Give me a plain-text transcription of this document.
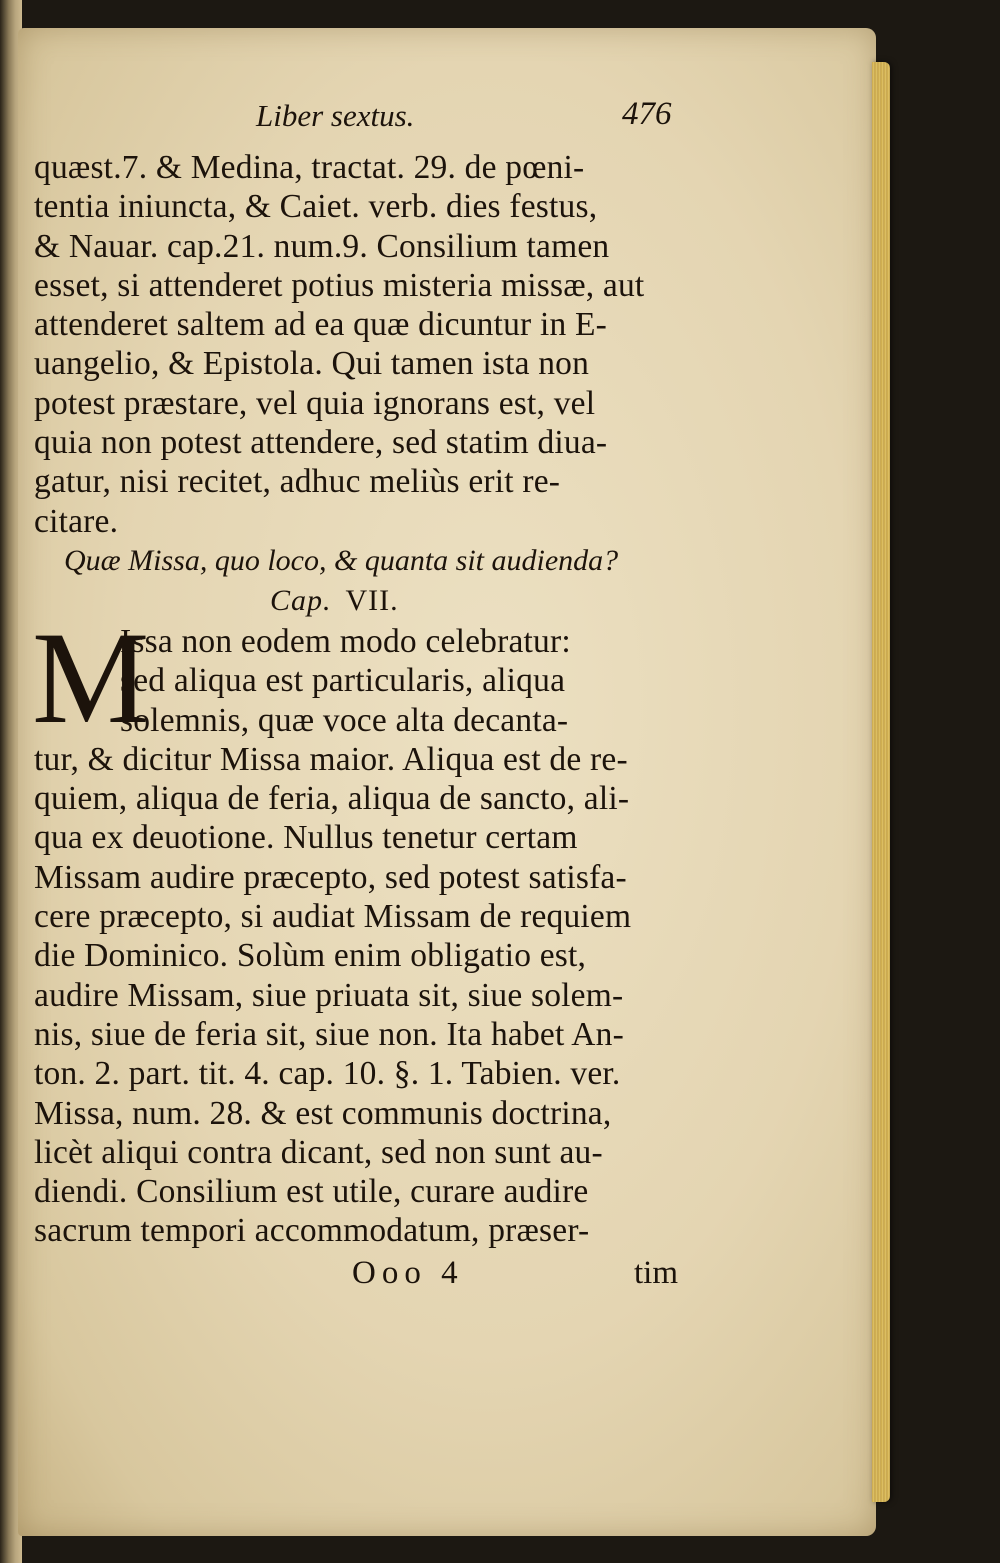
Liber sextus.	476
quæst.7. & Medina, tractat. 29. de pœni-
tentia iniuncta, & Caiet. verb. dies festus,
& Nauar. cap.21. num.9. Consilium tamen
esset, si attenderet potius misteria missæ, aut
attenderet saltem ad ea quæ dicuntur in E-
uangelio, & Epistola. Qui tamen ista non
potest præstare, vel quia ignorans est, vel
quia non potest attendere, sed statim diua-
gatur, nisi recitet, adhuc meliùs erit re-
citare.
Quæ Missa, quo loco, & quanta sit audienda?
Cap. VII.
M
Issa non eodem modo celebratur:
sed aliqua est particularis, aliqua
solemnis, quæ voce alta decanta-
tur, & dicitur Missa maior. Aliqua est de re-
quiem, aliqua de feria, aliqua de sancto, ali-
qua ex deuotione. Nullus tenetur certam
Missam audire præcepto, sed potest satisfa-
cere præcepto, si audiat Missam de requiem
die Dominico. Solùm enim obligatio est,
audire Missam, siue priuata sit, siue solem-
nis, siue de feria sit, siue non. Ita habet An-
ton. 2. part. tit. 4. cap. 10. §. 1. Tabien. ver.
Missa, num. 28. & est communis doctrina,
licèt aliqui contra dicant, sed non sunt au-
diendi. Consilium est utile, curare audire
sacrum tempori accommodatum, præser-
Ooo 4	tim
